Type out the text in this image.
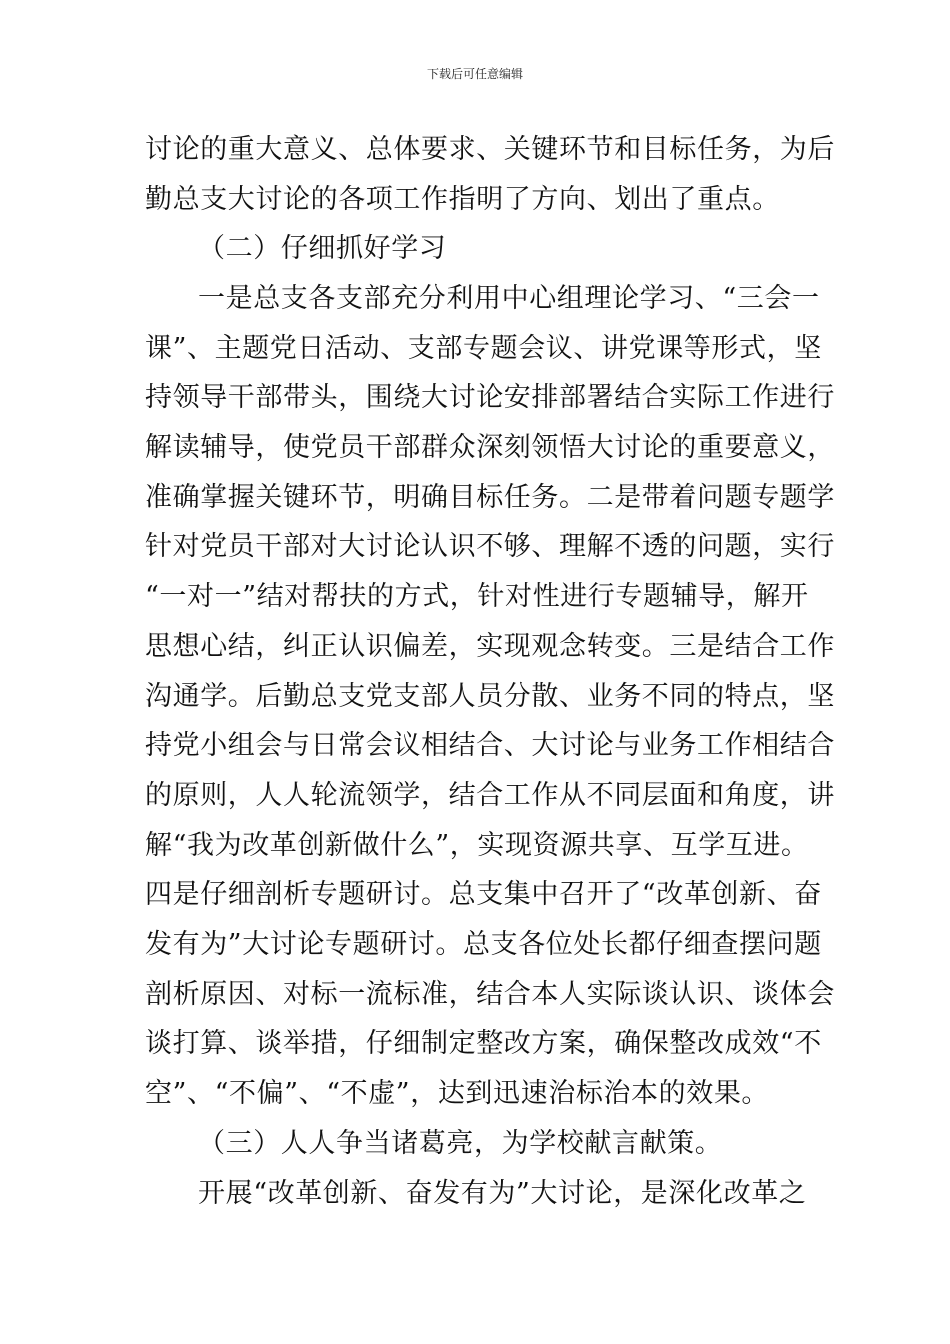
下载后可任意编辑
讨论的重大意义、总体要求、关键环节和目标任务，为后
勤总支大讨论的各项工作指明了方向、划出了重点。
（二）仔细抓好学习
一是总支各支部充分利用中心组理论学习、“三会一
课”、主题党日活动、支部专题会议、讲党课等形式，坚
持领导干部带头，围绕大讨论安排部署结合实际工作进行
解读辅导，使党员干部群众深刻领悟大讨论的重要意义，
准确掌握关键环节，明确目标任务。二是带着问题专题学
针对党员干部对大讨论认识不够、理解不透的问题，实行
“一对一”结对帮扶的方式，针对性进行专题辅导，解开
思想心结，纠正认识偏差，实现观念转变。三是结合工作
沟通学。后勤总支党支部人员分散、业务不同的特点，坚
持党小组会与日常会议相结合、大讨论与业务工作相结合
的原则，人人轮流领学，结合工作从不同层面和角度，讲
解“我为改革创新做什么”，实现资源共享、互学互进。
四是仔细剖析专题研讨。总支集中召开了“改革创新、奋
发有为”大讨论专题研讨。总支各位处长都仔细查摆问题
剖析原因、对标一流标准，结合本人实际谈认识、谈体会
谈打算、谈举措，仔细制定整改方案，确保整改成效“不
空”、“不偏”、“不虚”，达到迅速治标治本的效果。
（三）人人争当诸葛亮，为学校献言献策。
开展“改革创新、奋发有为”大讨论，是深化改革之
